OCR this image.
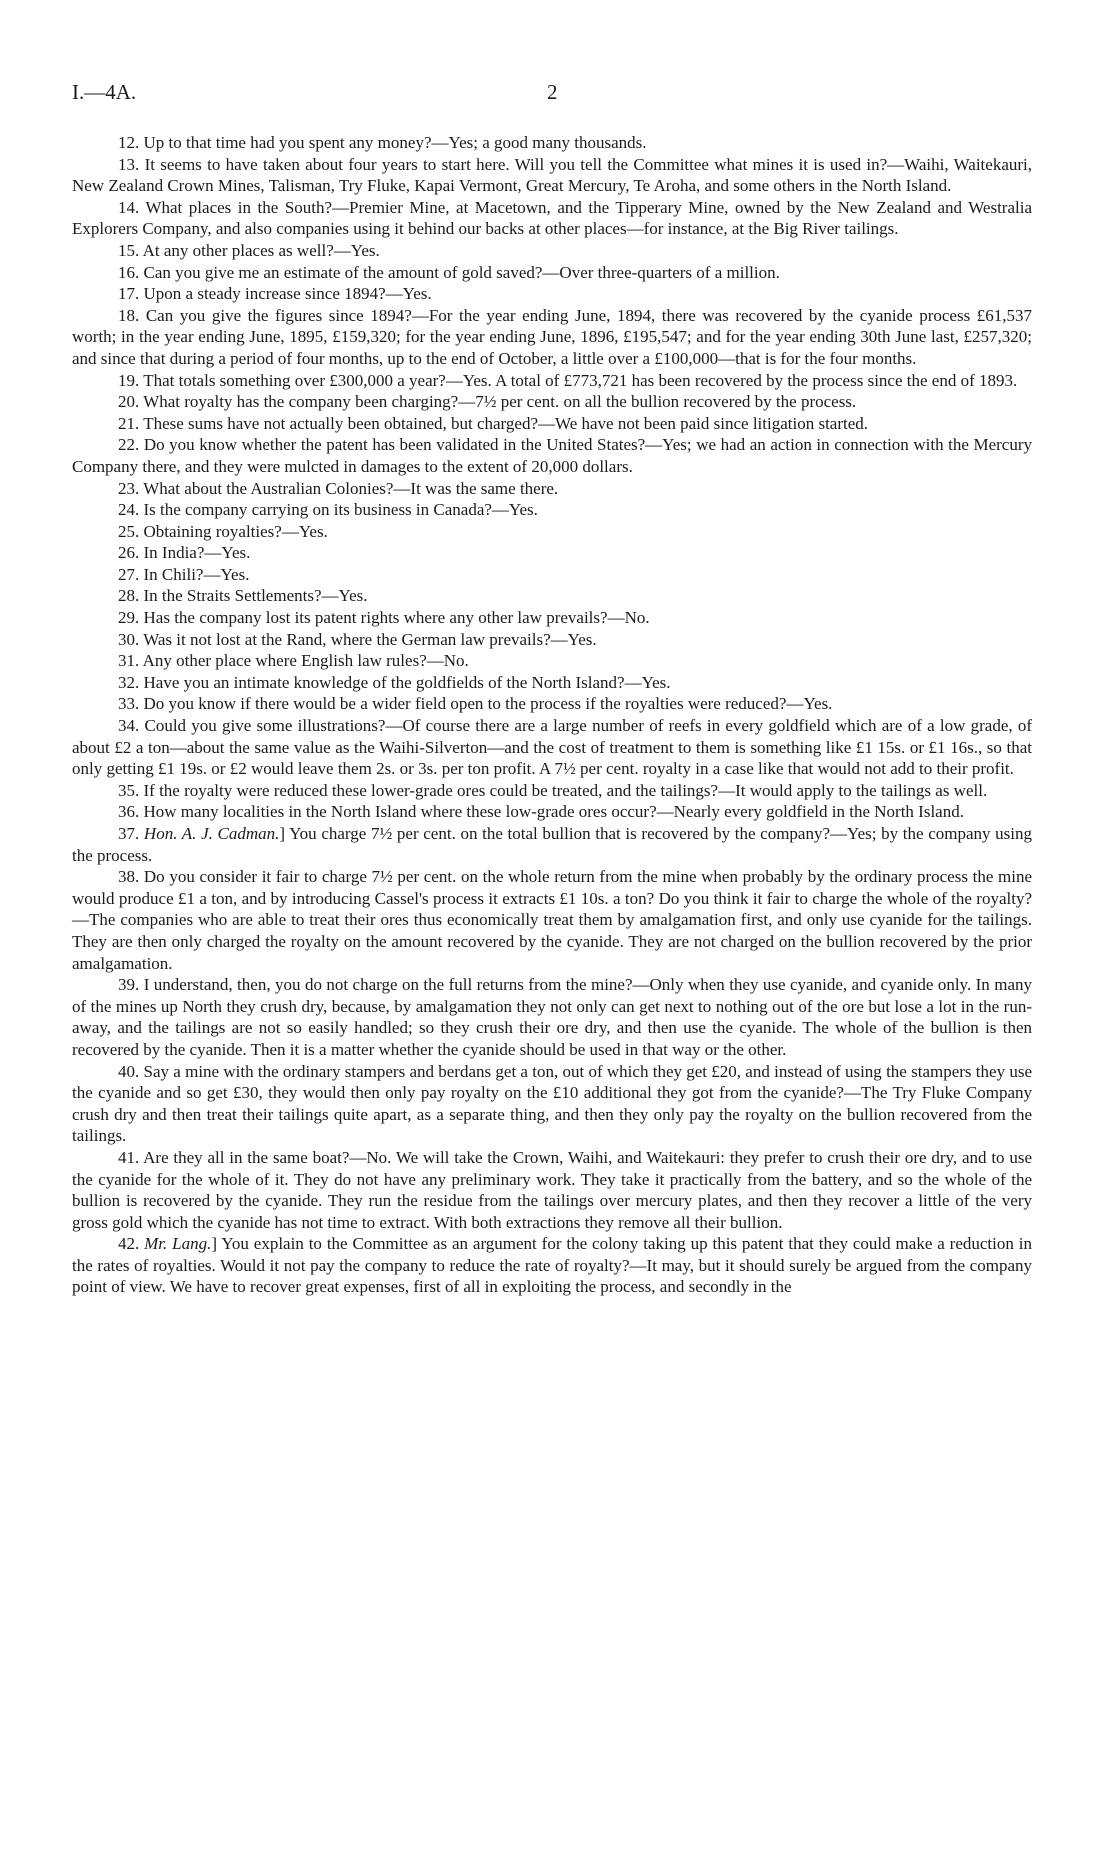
I.—4A.	2

12. Up to that time had you spent any money?—Yes; a good many thousands.

13. It seems to have taken about four years to start here. Will you tell the Committee what mines it is used in?—Waihi, Waitekauri, New Zealand Crown Mines, Talisman, Try Fluke, Kapai Vermont, Great Mercury, Te Aroha, and some others in the North Island.

14. What places in the South?—Premier Mine, at Macetown, and the Tipperary Mine, owned by the New Zealand and Westralia Explorers Company, and also companies using it behind our backs at other places—for instance, at the Big River tailings.

15. At any other places as well?—Yes.

16. Can you give me an estimate of the amount of gold saved?—Over three-quarters of a million.

17. Upon a steady increase since 1894?—Yes.

18. Can you give the figures since 1894?—For the year ending June, 1894, there was recovered by the cyanide process £61,537 worth; in the year ending June, 1895, £159,320; for the year ending June, 1896, £195,547; and for the year ending 30th June last, £257,320; and since that during a period of four months, up to the end of October, a little over a £100,000—that is for the four months.

19. That totals something over £300,000 a year?—Yes. A total of £773,721 has been recovered by the process since the end of 1893.

20. What royalty has the company been charging?—7½ per cent. on all the bullion recovered by the process.

21. These sums have not actually been obtained, but charged?—We have not been paid since litigation started.

22. Do you know whether the patent has been validated in the United States?—Yes; we had an action in connection with the Mercury Company there, and they were mulcted in damages to the extent of 20,000 dollars.

23. What about the Australian Colonies?—It was the same there.

24. Is the company carrying on its business in Canada?—Yes.

25. Obtaining royalties?—Yes.

26. In India?—Yes.

27. In Chili?—Yes.

28. In the Straits Settlements?—Yes.

29. Has the company lost its patent rights where any other law prevails?—No.

30. Was it not lost at the Rand, where the German law prevails?—Yes.

31. Any other place where English law rules?—No.

32. Have you an intimate knowledge of the goldfields of the North Island?—Yes.

33. Do you know if there would be a wider field open to the process if the royalties were reduced?—Yes.

34. Could you give some illustrations?—Of course there are a large number of reefs in every goldfield which are of a low grade, of about £2 a ton—about the same value as the Waihi-Silverton—and the cost of treatment to them is something like £1 15s. or £1 16s., so that only getting £1 19s. or £2 would leave them 2s. or 3s. per ton profit. A 7½ per cent. royalty in a case like that would not add to their profit.

35. If the royalty were reduced these lower-grade ores could be treated, and the tailings?—It would apply to the tailings as well.

36. How many localities in the North Island where these low-grade ores occur?—Nearly every goldfield in the North Island.

37. Hon. A. J. Cadman.] You charge 7½ per cent. on the total bullion that is recovered by the company?—Yes; by the company using the process.

38. Do you consider it fair to charge 7½ per cent. on the whole return from the mine when probably by the ordinary process the mine would produce £1 a ton, and by introducing Cassel's process it extracts £1 10s. a ton? Do you think it fair to charge the whole of the royalty?—The companies who are able to treat their ores thus economically treat them by amalgamation first, and only use cyanide for the tailings. They are then only charged the royalty on the amount recovered by the cyanide. They are not charged on the bullion recovered by the prior amalgamation.

39. I understand, then, you do not charge on the full returns from the mine?—Only when they use cyanide, and cyanide only. In many of the mines up North they crush dry, because, by amalgamation they not only can get next to nothing out of the ore but lose a lot in the run-away, and the tailings are not so easily handled; so they crush their ore dry, and then use the cyanide. The whole of the bullion is then recovered by the cyanide. Then it is a matter whether the cyanide should be used in that way or the other.

40. Say a mine with the ordinary stampers and berdans get a ton, out of which they get £20, and instead of using the stampers they use the cyanide and so get £30, they would then only pay royalty on the £10 additional they got from the cyanide?—The Try Fluke Company crush dry and then treat their tailings quite apart, as a separate thing, and then they only pay the royalty on the bullion recovered from the tailings.

41. Are they all in the same boat?—No. We will take the Crown, Waihi, and Waitekauri: they prefer to crush their ore dry, and to use the cyanide for the whole of it. They do not have any preliminary work. They take it practically from the battery, and so the whole of the bullion is recovered by the cyanide. They run the residue from the tailings over mercury plates, and then they recover a little of the very gross gold which the cyanide has not time to extract. With both extractions they remove all their bullion.

42. Mr. Lang.] You explain to the Committee as an argument for the colony taking up this patent that they could make a reduction in the rates of royalties. Would it not pay the company to reduce the rate of royalty?—It may, but it should surely be argued from the company point of view. We have to recover great expenses, first of all in exploiting the process, and secondly in the
